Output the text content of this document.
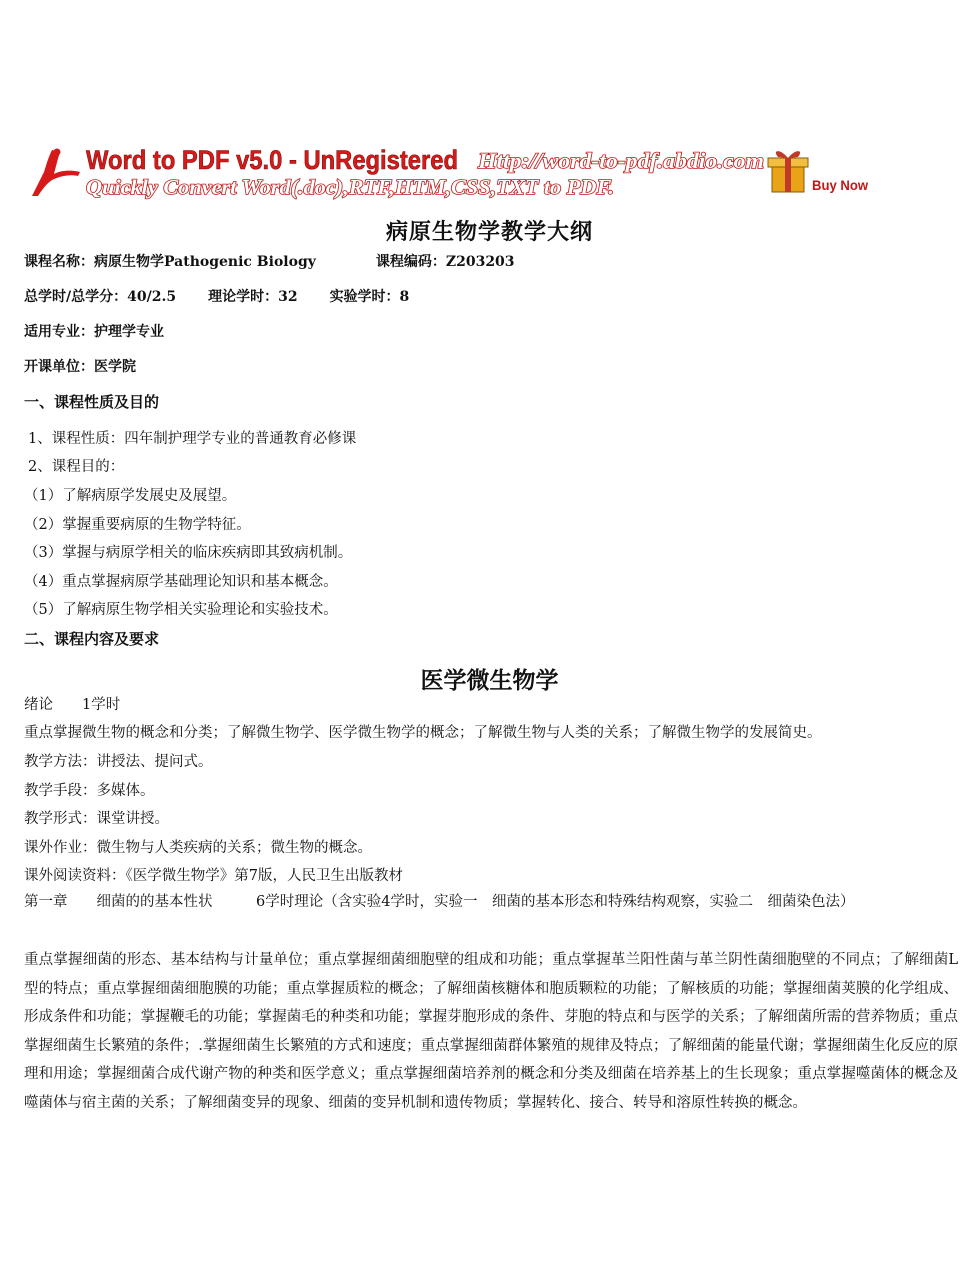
Word to PDF v5.0 - UnRegistered Http://word-to-pdf.abdio.com
Quickly Convert Word(.doc),RTF,HTM,CSS,TXT to PDF.	Buy Now
病原生物学教学大纲
课程名称：病原生物学Pathogenic Biology	课程编码：Z203203
总学时/总学分：40/2.5 理论学时：32 实验学时：8
适用专业：护理学专业
开课单位：医学院
一、课程性质及目的
1、课程性质：四年制护理学专业的普通教育必修课
2、课程目的：
（1）了解病原学发展史及展望。
（2）掌握重要病原的生物学特征。
（3）掌握与病原学相关的临床疾病即其致病机制。
（4）重点掌握病原学基础理论知识和基本概念。
（5）了解病原生物学相关实验理论和实验技术。
二、课程内容及要求
医学微生物学
绪论　　1学时
重点掌握微生物的概念和分类；了解微生物学、医学微生物学的概念；了解微生物与人类的关系；了解微生物学的发展简史。
教学方法：讲授法、提问式。
教学手段：多媒体。
教学形式：课堂讲授。
课外作业：微生物与人类疾病的关系；微生物的概念。
课外阅读资料：《医学微生物学》第7版，人民卫生出版教材
第一章　　细菌的的基本性状　　　6学时理论（含实验4学时，实验一　细菌的基本形态和特殊结构观察，实验二　细菌染色法）
重点掌握细菌的形态、基本结构与计量单位；重点掌握细菌细胞壁的组成和功能；重点掌握革兰阳性菌与革兰阴性菌细胞壁的不同点；了解细菌L型的特点；重点掌握细菌细胞膜的功能；重点掌握质粒的概念；了解细菌核糖体和胞质颗粒的功能；了解核质的功能；掌握细菌荚膜的化学组成、形成条件和功能；掌握鞭毛的功能；掌握菌毛的种类和功能；掌握芽胞形成的条件、芽胞的特点和与医学的关系；了解细菌所需的营养物质；重点掌握细菌生长繁殖的条件；.掌握细菌生长繁殖的方式和速度；重点掌握细菌群体繁殖的规律及特点；了解细菌的能量代谢；掌握细菌生化反应的原理和用途；掌握细菌合成代谢产物的种类和医学意义；重点掌握细菌培养剂的概念和分类及细菌在培养基上的生长现象；重点掌握噬菌体的概念及噬菌体与宿主菌的关系；了解细菌变异的现象、细菌的变异机制和遗传物质；掌握转化、接合、转导和溶原性转换的概念。
